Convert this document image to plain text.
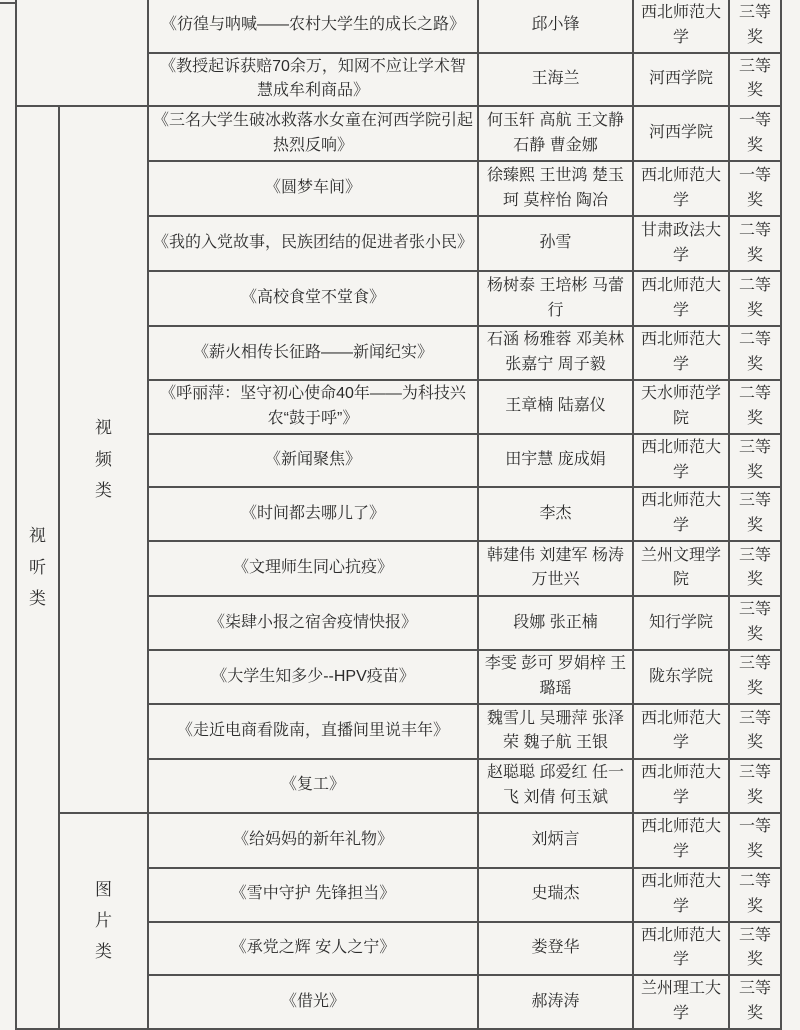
		《彷徨与呐喊——农村大学生的成长之路》	邱小锋	西北师范大学	三等奖
		《教授起诉获赔70余万，知网不应让学术智慧成牟利商品》	王海兰	河西学院	三等奖
视听类	视频类	《三名大学生破冰救落水女童在河西学院引起热烈反响》	何玉轩 高航 王文静 石静 曹金娜	河西学院	一等奖
		《圆梦车间》	徐臻熙 王世鸿 楚玉珂 莫梓怡 陶冶	西北师范大学	一等奖
		《我的入党故事，民族团结的促进者张小民》	孙雪	甘肃政法大学	二等奖
		《高校食堂不堂食》	杨树泰 王培彬 马蕾行	西北师范大学	二等奖
		《薪火相传长征路——新闻纪实》	石涵 杨雅蓉 邓美林 张嘉宁 周子毅	西北师范大学	二等奖
		《呼丽萍：坚守初心使命40年——为科技兴农“鼓于呼”》	王章楠 陆嘉仪	天水师范学院	二等奖
		《新闻聚焦》	田宇慧 庞成娟	西北师范大学	三等奖
		《时间都去哪儿了》	李杰	西北师范大学	三等奖
		《文理师生同心抗疫》	韩建伟 刘建军 杨涛 万世兴	兰州文理学院	三等奖
		《柒肆小报之宿舍疫情快报》	段娜 张正楠	知行学院	三等奖
		《大学生知多少--HPV疫苗》	李雯 彭可 罗娟梓 王璐瑶	陇东学院	三等奖
		《走近电商看陇南，直播间里说丰年》	魏雪儿 吴珊萍 张泽荣 魏子航 王银	西北师范大学	三等奖
		《复工》	赵聪聪 邱爱红 任一飞 刘倩 何玉斌	西北师范大学	三等奖
	图片类	《给妈妈的新年礼物》	刘炳言	西北师范大学	一等奖
		《雪中守护 先锋担当》	史瑞杰	西北师范大学	二等奖
		《承党之辉 安人之宁》	娄登华	西北师范大学	三等奖
		《借光》	郝涛涛	兰州理工大学	三等奖
